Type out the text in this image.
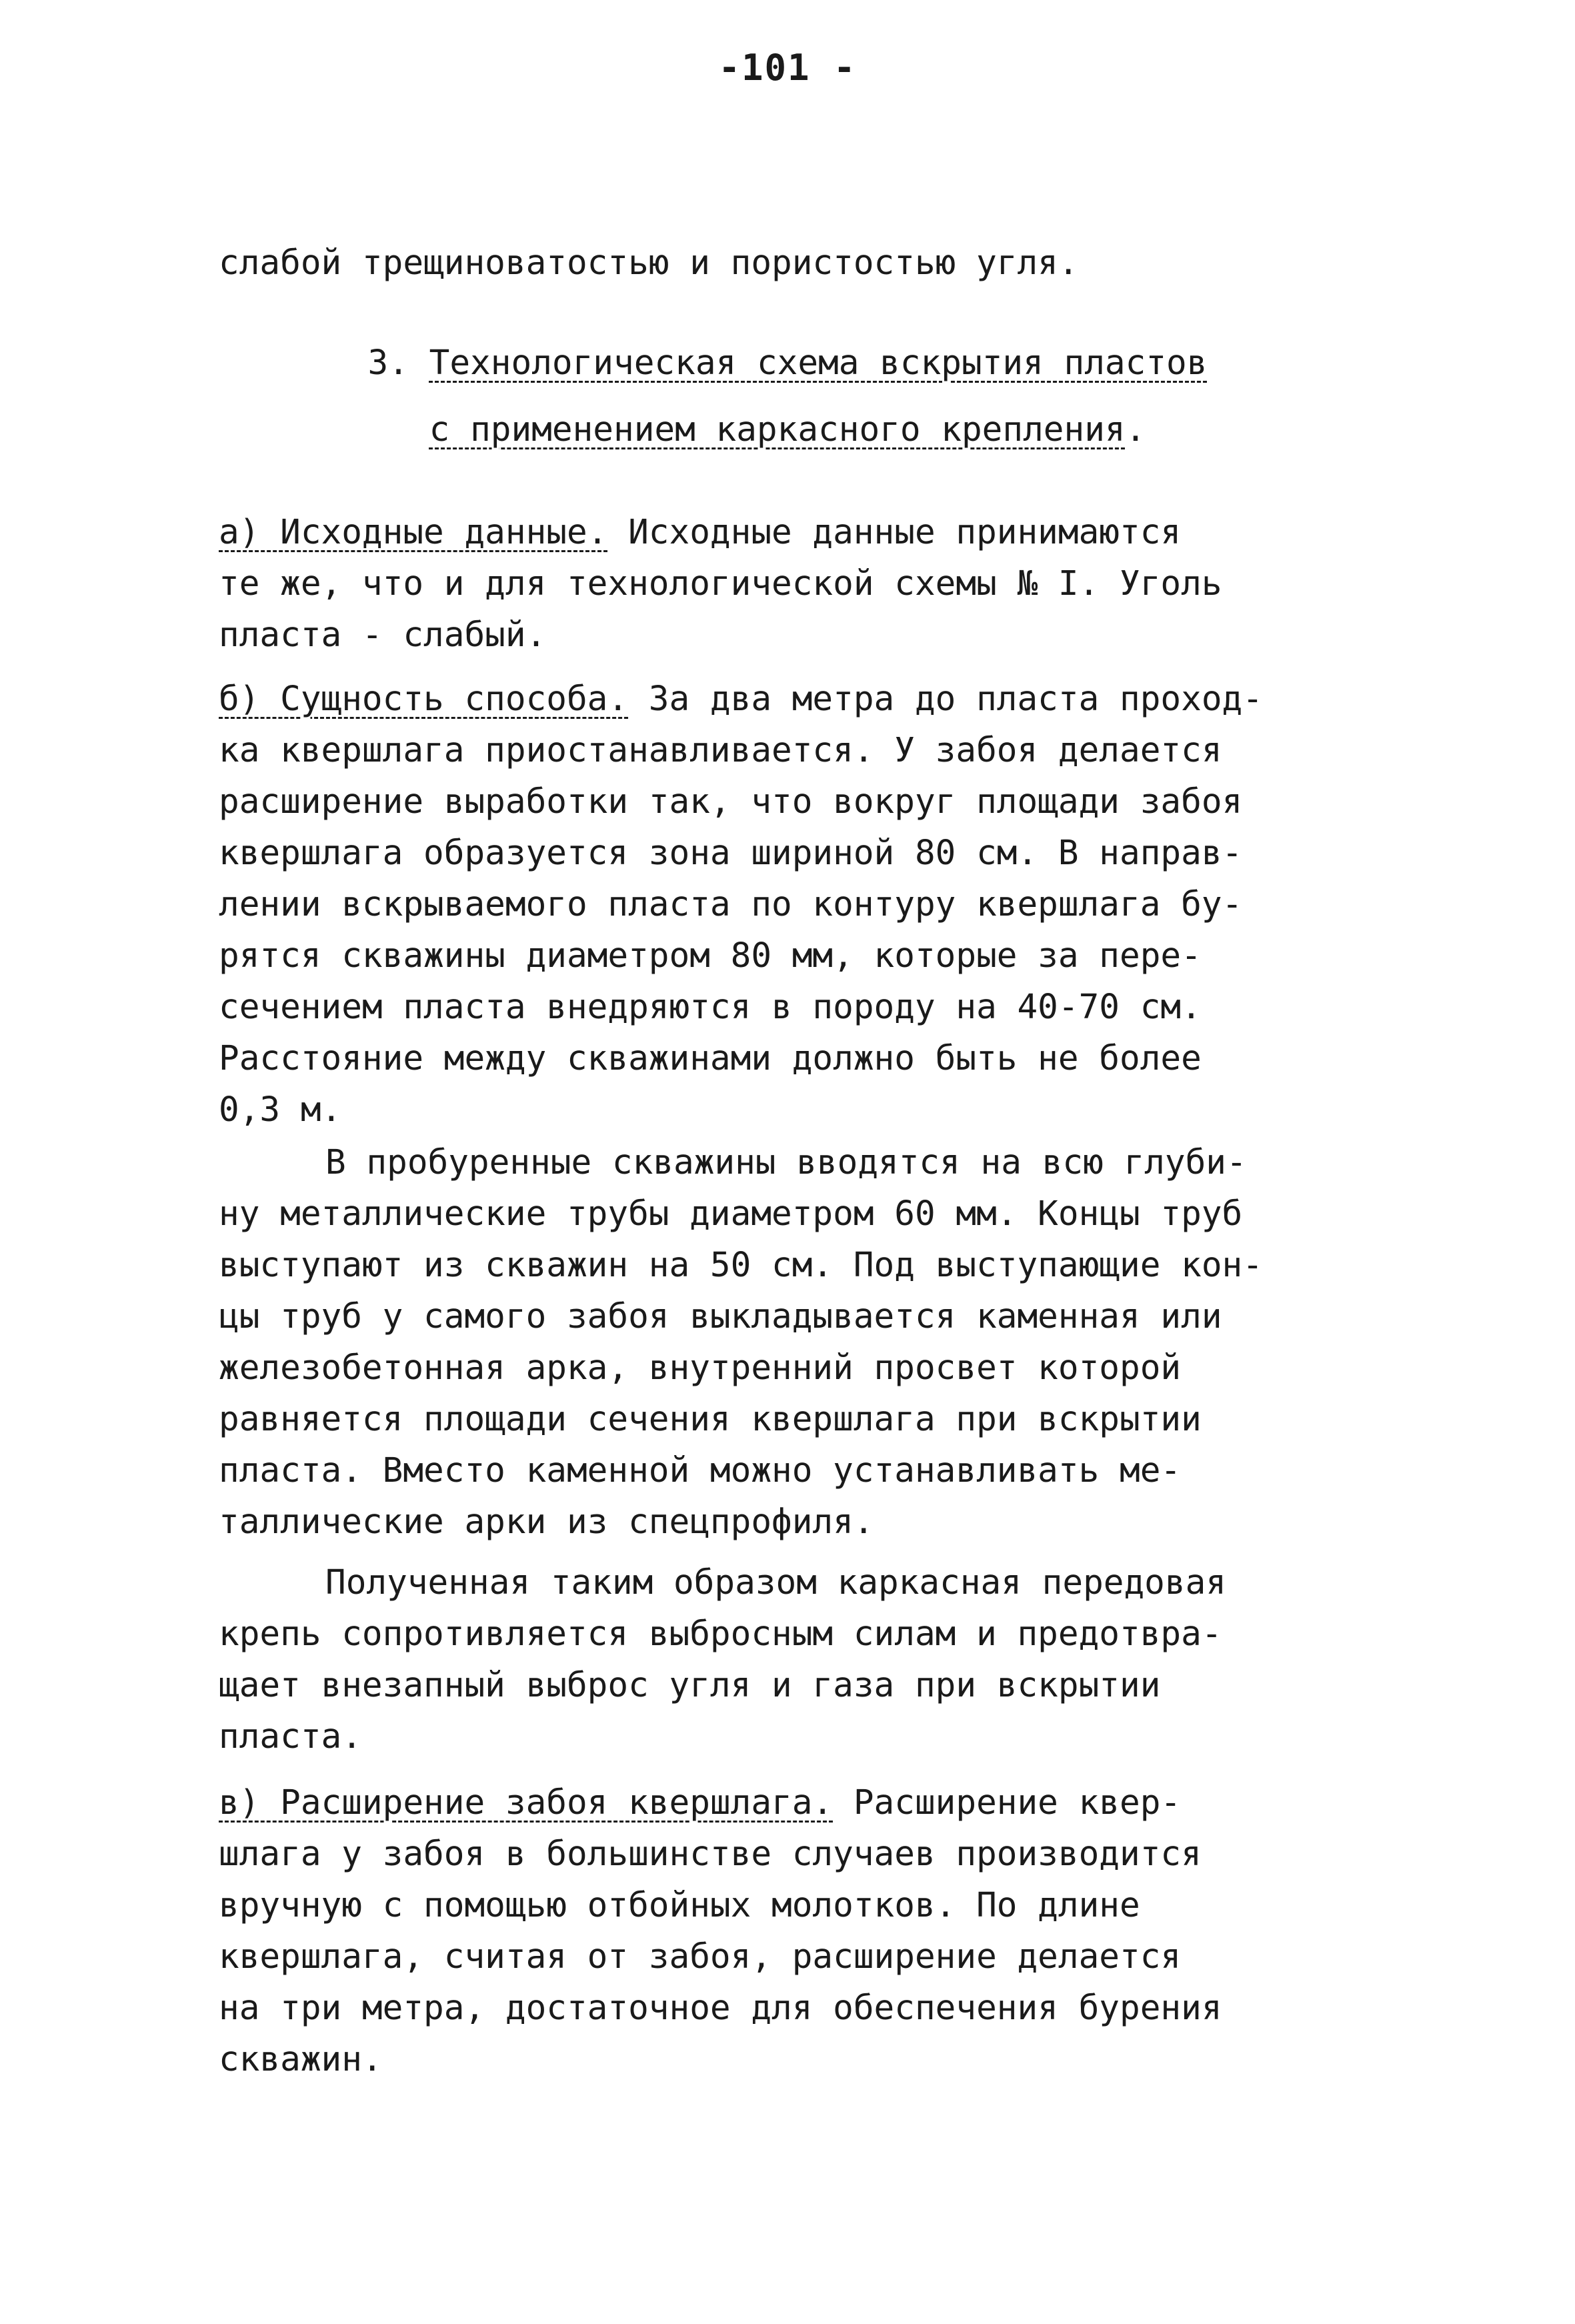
-101 -
слабой трещиноватостью и пористостью угля.
3. Технологическая схема вскрытия пластов
с применением каркасного крепления.
а) Исходные данные. Исходные данные принимаются
те же, что и для технологической схемы № I. Уголь
пласта - слабый.
б) Сущность способа. За два метра до пласта проход-
ка квершлага приостанавливается. У забоя делается
расширение выработки так, что вокруг площади забоя
квершлага образуется зона шириной 80 см. В направ-
лении вскрываемого пласта по контуру квершлага бу-
рятся скважины диаметром 80 мм, которые за пере-
сечением пласта внедряются в породу на 40-70 см.
Расстояние между скважинами должно быть не более
0,3 м.
В пробуренные скважины вводятся на всю глуби-
ну металлические трубы диаметром 60 мм. Концы труб
выступают из скважин на 50 см. Под выступающие кон-
цы труб у самого забоя выкладывается каменная или
железобетонная арка, внутренний просвет которой
равняется площади сечения квершлага при вскрытии
пласта. Вместо каменной можно устанавливать ме-
таллические арки из спецпрофиля.
Полученная таким образом каркасная передовая
крепь сопротивляется выбросным силам и предотвра-
щает внезапный выброс угля и газа при вскрытии
пласта.
в) Расширение забоя квершлага. Расширение квер-
шлага у забоя в большинстве случаев производится
вручную с помощью отбойных молотков. По длине
квершлага, считая от забоя, расширение делается
на три метра, достаточное для обеспечения бурения
скважин.
